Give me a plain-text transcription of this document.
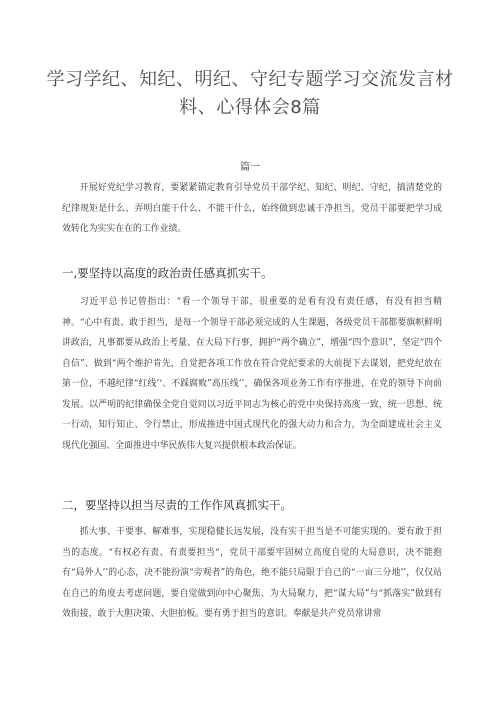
学习学纪、知纪、明纪、守纪专题学习交流发言材
料、心得体会8篇
篇一

开展好党纪学习教育，要紧紧锚定教育引导党员干部学纪、知纪、明纪、守纪，搞清楚党的纪律规矩是什么、弄明白能干什么、不能干什么，始终做到忠诚干净担当，党员干部要把学习成效转化为实实在在的工作业绩。

一,要坚持以高度的政治责任感真抓实干。

习近平总书记曾指出：“看一个领导干部，很重要的是看有没有责任感，有没有担当精神。“心中有责、敢于担当，是每一个领导干部必须完成的人生课题，各级党员干部都要旗帜鲜明讲政治，凡事都要从政治上考量、在大局下行事，拥护“两个确立”，增强“四个意识”，坚定“四个自信”、做到“两个维护肯先，自觉把各项工作放在符合党纪要求的大前提下去谋划，把党纪放在第一位，不越纪律“红线’‘、不踩腐败”高压线’’，确保各项业务工作有序推进，在党的领导下向前发展。以严明的纪律确保全党自觉同以习近平同志为核心的党中央保持高度一致，统一思想、统一行动，知行知止、令行禁止，形成推进中国式现代化的强大动力和合力，为全面建成社会主义现代化强国、全面推进中华民族伟大复兴提供根本政治保证。

二，要坚持以担当尽责的工作作风真抓实干。

抓大事、干要事、解难事，实现稳健长远发展，没有实干担当是不可能实现的。要有敢于担当的态度。“有权必有责、有责要担当“，党员干部要牢固树立高度自觉的大局意识，决不能抱有“局外人’’的心态，决不能扮演“旁观者”的角色，绝不能只局限于自己的“一亩三分地’’，仅仅站在自己的角度去考虑问题，要自觉做到向中心聚焦、为大局聚力，把“谋大局”与“抓落实”做到有效衔接，敢于大胆决策、大胆拍板。要有勇于担当的意识。奉献是共产党员常讲常
